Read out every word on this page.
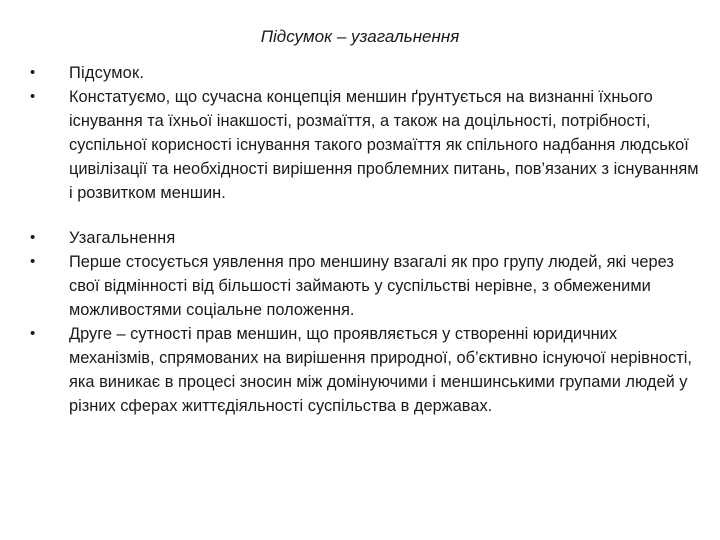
Підсумок – узагальнення
•	Підсумок.
•	Констатуємо, що сучасна концепція меншин ґрунтується на визнанні їхнього існування та їхньої інакшості, розмаїття, а також на доцільності, потрібності, суспільної корисності існування такого розмаїття як спільного надбання людської цивілізації та необхідності вирішення проблемних питань, пов’язаних з існуванням і розвитком меншин.
•	Узагальнення
•	Перше стосується уявлення про меншину взагалі як про групу людей, які через свої відмінності від більшості займають у суспільстві нерівне, з обмеженими можливостями соціальне положення.
•	Друге – сутності прав меншин, що проявляється у створенні юридичних механізмів, спрямованих на вирішення природної, об’єктивно існуючої нерівності, яка виникає в процесі зносин між домінуючими і меншинськими групами людей у різних сферах життєдіяльності суспільства в державах.
